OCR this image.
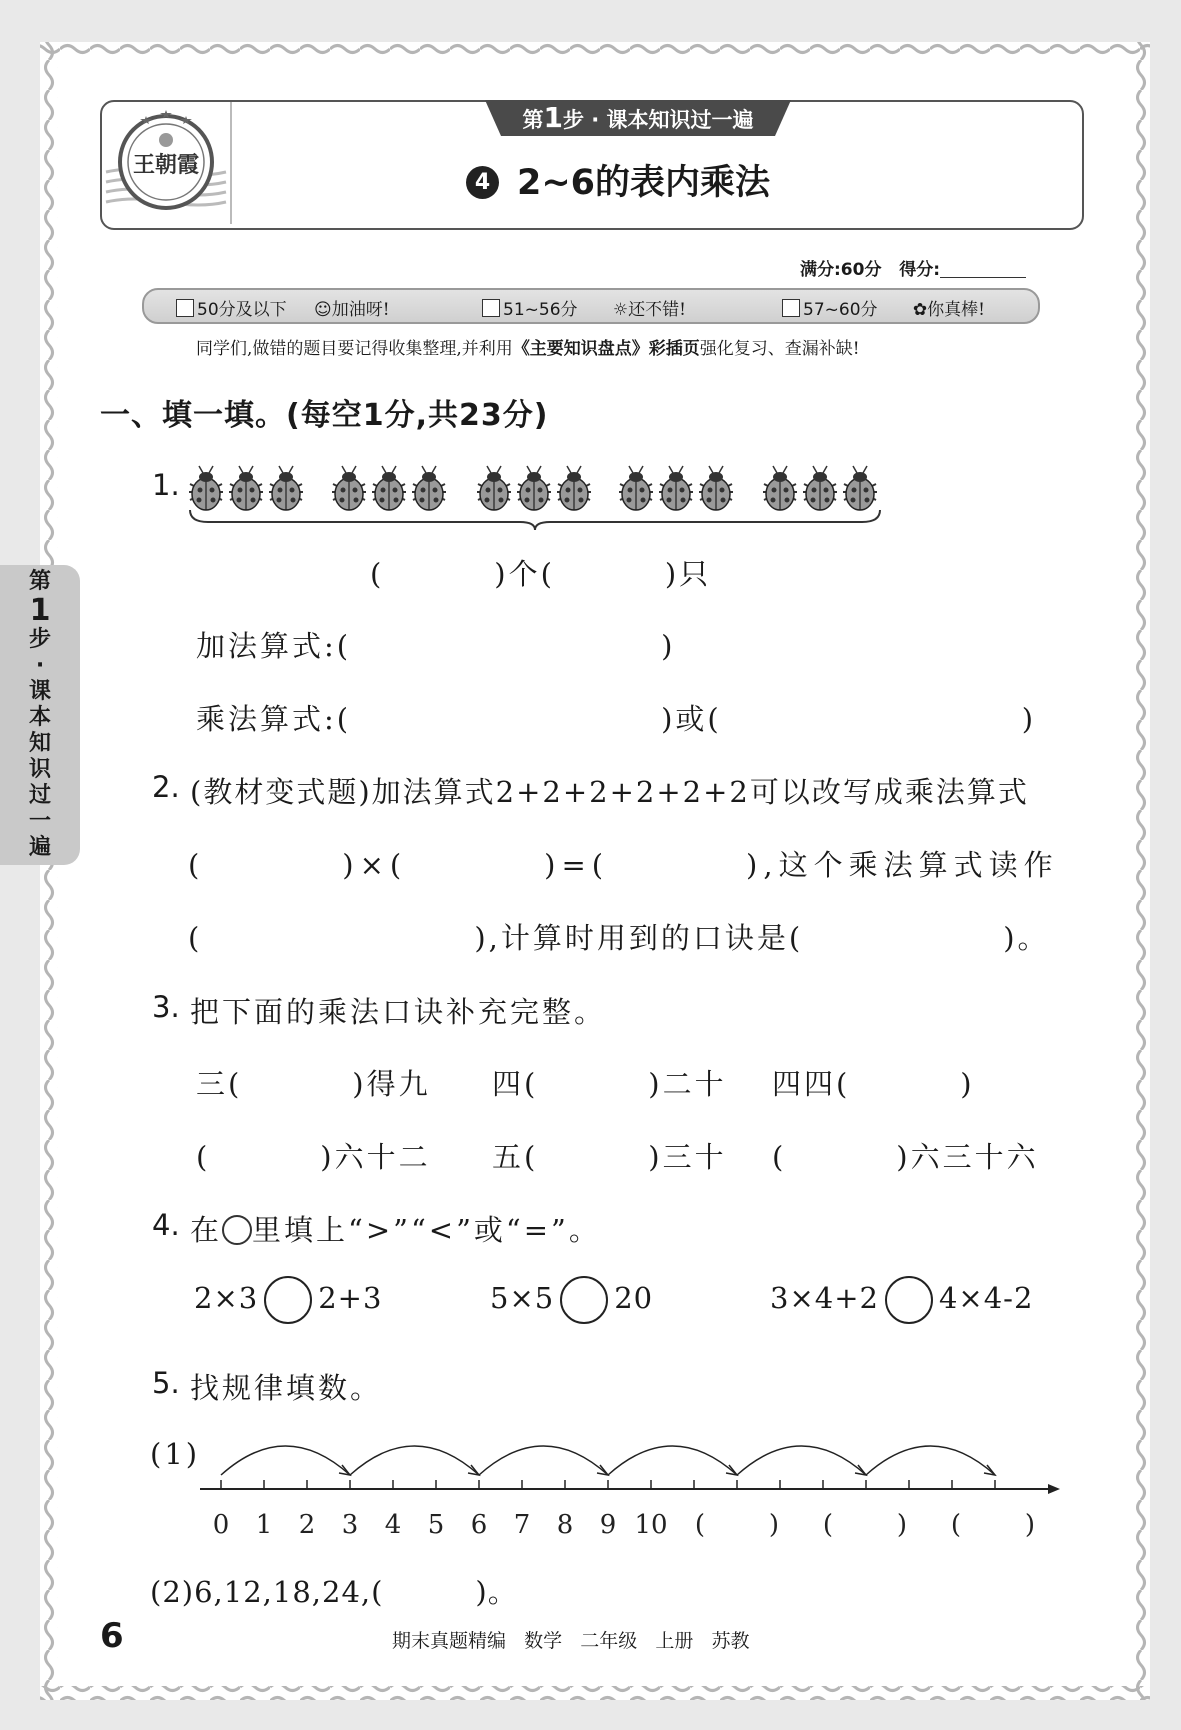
第
1
步
·
课
本
知
识
过
一
遍
王朝霞
第1步 · 课本知识过一遍
4 2~6的表内乘法
满分:60分 得分:
50分及以下 ☺加油呀!	51~56分 ☼还不错!	57~60分 ✿你真棒!
同学们,做错的题目要记得收集整理,并利用《主要知识盘点》彩插页强化复习、查漏补缺!
一、填一填。(每空1分,共23分)
1.
(         )个(         )只
加法算式:(	)
乘法算式:(	)或(	)
2. (教材变式题)加法算式2+2+2+2+2+2可以改写成乘法算式
(         )×(         )=(         ),这个乘法算式读作
(	),计算时用到的口诀是(	)。
3. 把下面的乘法口诀补充完整。
三(         )得九 四(         )二十 四四(         )
(         )六十二 五(         )三十 (         )六三十六
4. 在 里填上“>”“<”或“=”。
2×3 2+3	5×5 20	3×4+2 4×4-2
5. 找规律填数。
(1)
0 1 2 3 4 5 6 7 8 9 10 ( ) ( ) ( )
(2)6,12,18,24,(         )。
6	期末真题精编   数学   二年级   上册   苏教
